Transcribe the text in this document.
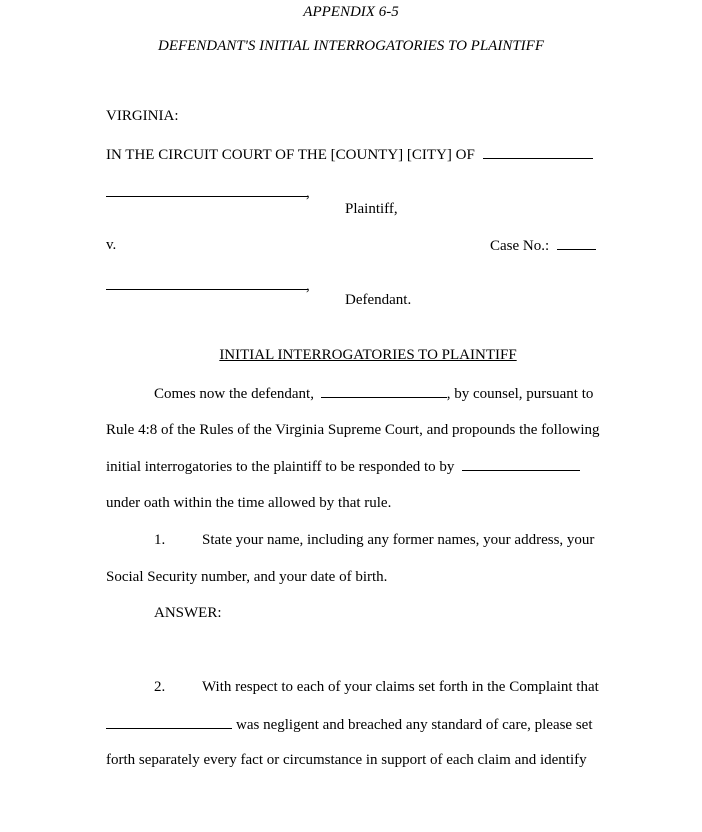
APPENDIX 6-5
DEFENDANT'S INITIAL INTERROGATORIES TO PLAINTIFF
VIRGINIA:
IN THE CIRCUIT COURT OF THE [COUNTY] [CITY] OF
,
Plaintiff,
v.	Case No.:
,
Defendant.
INITIAL INTERROGATORIES TO PLAINTIFF
Comes now the defendant,	, by counsel, pursuant to
Rule 4:8 of the Rules of the Virginia Supreme Court, and propounds the following
initial interrogatories to the plaintiff to be responded to by
under oath within the time allowed by that rule.
1. State your name, including any former names, your address, your
Social Security number, and your date of birth.
ANSWER:
2. With respect to each of your claims set forth in the Complaint that
was negligent and breached any standard of care, please set
forth separately every fact or circumstance in support of each claim and identify
